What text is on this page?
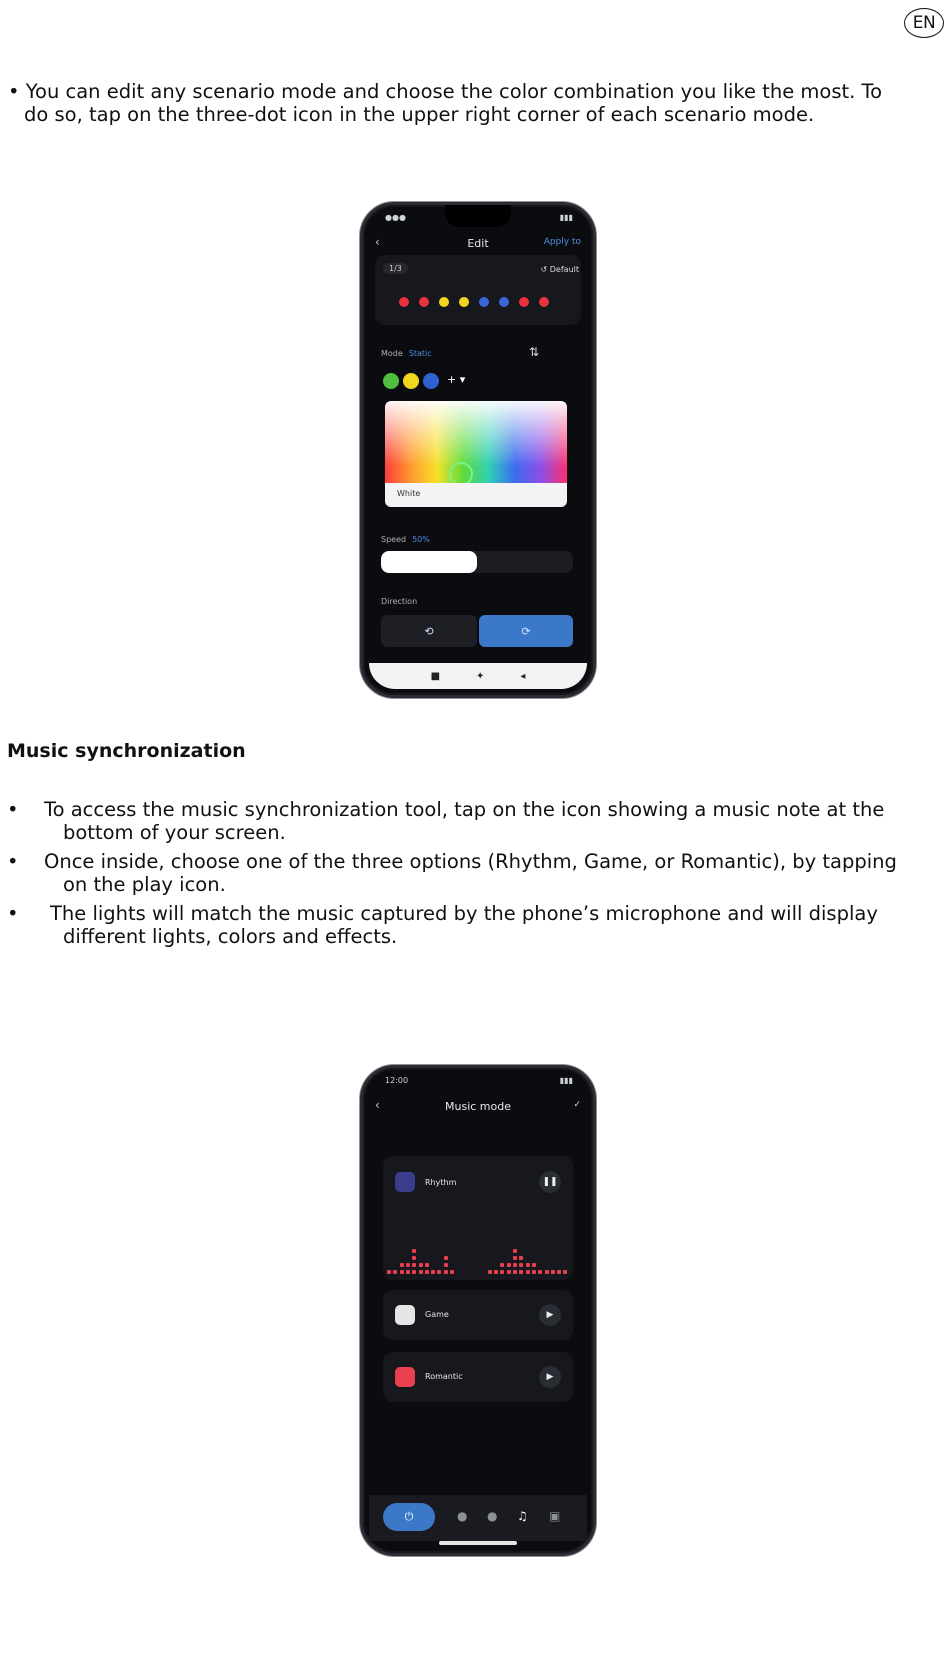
EN

• You can edit any scenario mode and choose the color combination you like the most. To
do so, tap on the three-dot icon in the upper right corner of each scenario mode.

●●●	▮▮▮
‹	Edit	Apply to
1/3	↺ Default
Mode Static	⇅
+ ▾
White
Speed 50%
Direction
⟲	⟳
■	✦	◂

Music synchronization

• To access the music synchronization tool, tap on the icon showing a music note at the
bottom of your screen.
• Once inside, choose one of the three options (Rhythm, Game, or Romantic), by tapping
on the play icon.
• The lights will match the music captured by the phone’s microphone and will display
different lights, colors and effects.
12:00	▮▮▮
‹	Music mode	✓
Rhythm	❚❚
Game	▶
Romantic	▶
⏻	● ● ♫ ▣
